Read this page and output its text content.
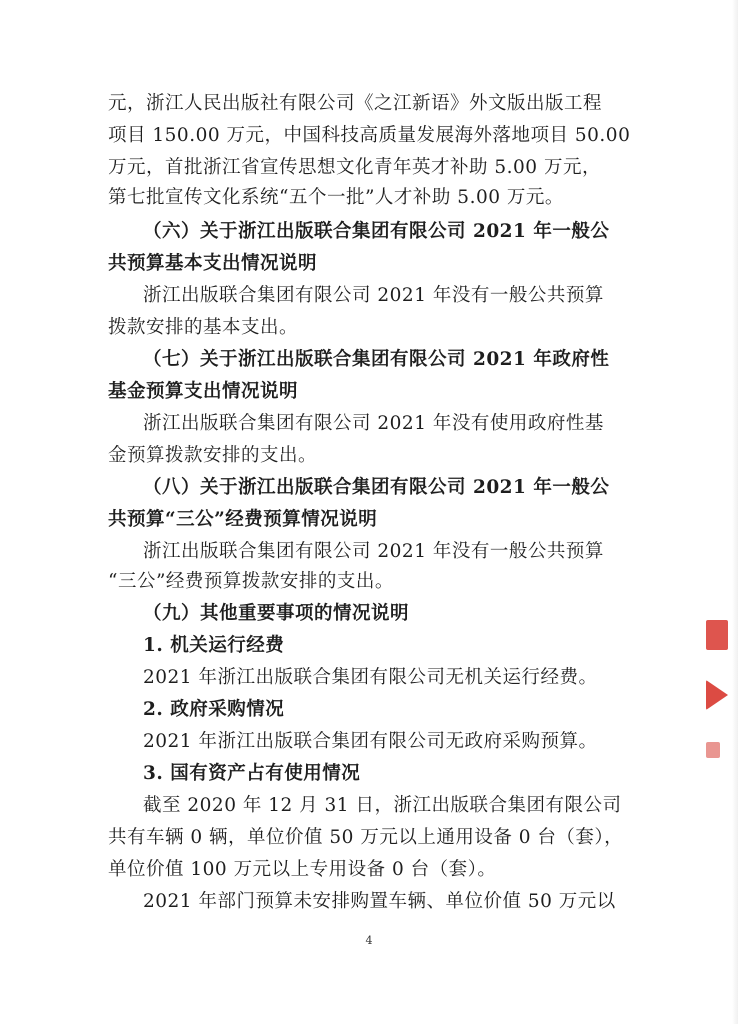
元，浙江人民出版社有限公司《之江新语》外文版出版工程
项目 150.00 万元，中国科技高质量发展海外落地项目 50.00
万元，首批浙江省宣传思想文化青年英才补助 5.00 万元，
第七批宣传文化系统“五个一批”人才补助 5.00 万元。
（六）关于浙江出版联合集团有限公司 2021 年一般公
共预算基本支出情况说明
浙江出版联合集团有限公司 2021 年没有一般公共预算
拨款安排的基本支出。
（七）关于浙江出版联合集团有限公司 2021 年政府性
基金预算支出情况说明
浙江出版联合集团有限公司 2021 年没有使用政府性基
金预算拨款安排的支出。
（八）关于浙江出版联合集团有限公司 2021 年一般公
共预算“三公”经费预算情况说明
浙江出版联合集团有限公司 2021 年没有一般公共预算
“三公”经费预算拨款安排的支出。
（九）其他重要事项的情况说明
1. 机关运行经费
2021 年浙江出版联合集团有限公司无机关运行经费。
2. 政府采购情况
2021 年浙江出版联合集团有限公司无政府采购预算。
3. 国有资产占有使用情况
截至 2020 年 12 月 31 日，浙江出版联合集团有限公司
共有车辆 0 辆，单位价值 50 万元以上通用设备 0 台（套），
单位价值 100 万元以上专用设备 0 台（套）。
2021 年部门预算未安排购置车辆、单位价值 50 万元以
4
